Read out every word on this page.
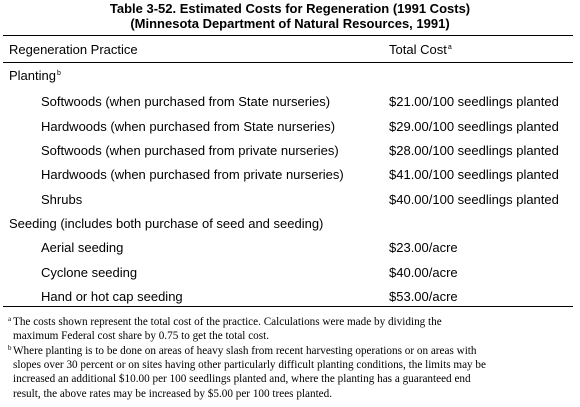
Table 3-52. Estimated Costs for Regeneration (1991 Costs)
(Minnesota Department of Natural Resources, 1991)
Regeneration Practice	Total Cost$^a$
Planting$^b$
Softwoods (when purchased from State nurseries)	$21.00/100 seedlings planted
Hardwoods (when purchased from State nurseries)	$29.00/100 seedlings planted
Softwoods (when purchased from private nurseries)	$28.00/100 seedlings planted
Hardwoods (when purchased from private nurseries)	$41.00/100 seedlings planted
Shrubs	$40.00/100 seedlings planted
Seeding (includes both purchase of seed and seeding)
Aerial seeding	$23.00/acre
Cyclone seeding	$40.00/acre
Hand or hot cap seeding	$53.00/acre
a The costs shown represent the total cost of the practice. Calculations were made by dividing the
maximum Federal cost share by 0.75 to get the total cost.
b Where planting is to be done on areas of heavy slash from recent harvesting operations or on areas with
slopes over 30 percent or on sites having other particularly difficult planting conditions, the limits may be
increased an additional $10.00 per 100 seedlings planted and, where the planting has a guaranteed end
result, the above rates may be increased by $5.00 per 100 trees planted.
